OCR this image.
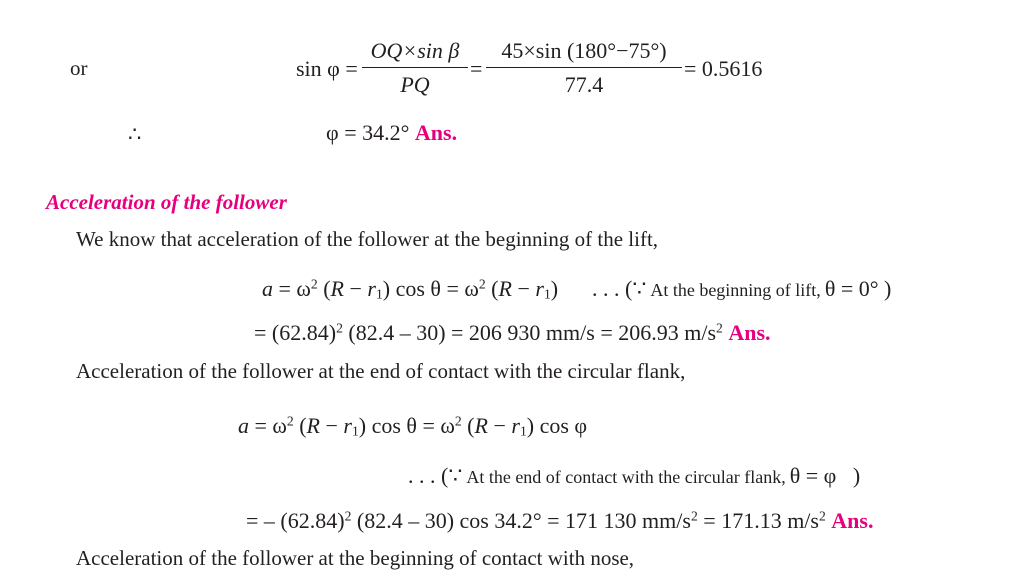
or	sin φ =
OQ×sin β
PQ
=
45×sin (180°−75°)
77.4
= 0.5616
∴	φ = 34.2° Ans.
Acceleration of the follower
We know that acceleration of the follower at the beginning of the lift,
$a = \omega^2$ $(R - r_1)$ $\cos \theta = \omega^2$ $(R - r_1)$ . . . (∵ At the beginning of lift, θ = 0° )
= $(62.84)^2$ (82.4 – 30) = 206 930 mm/s = 206.93 $m/s^2$ Ans.
Acceleration of the follower at the end of contact with the circular flank,
$a = \omega^2$ $(R - r_1)$ $\cos \theta = \omega^2$ $(R - r_1)$ cos φ
. . . (∵ At the end of contact with the circular flank, θ = φ   )
= – $(62.84)^2$ (82.4 – 30) cos 34.2° = 171 130 $mm/s^2 = 171.13$ $m/s^2$ Ans.
Acceleration of the follower at the beginning of contact with nose,
